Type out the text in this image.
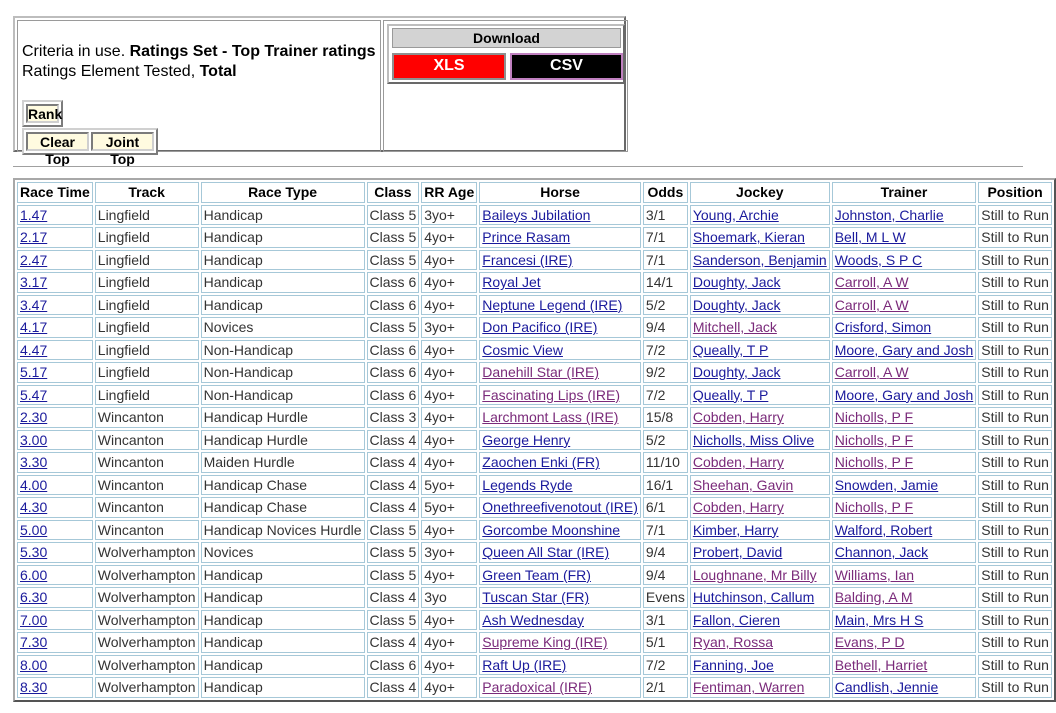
Criteria in use. Ratings Set - Top Trainer ratings
Ratings Element Tested, Total
Rank
Clear TopJoint Top
Download
XLS	CSV
Race Time	Track	Race Type	Class	RR Age	Horse	Odds	Jockey	Trainer	Position
1.47	Lingfield	Handicap	Class 5	3yo+	Baileys Jubilation	3/1	Young, Archie	Johnston, Charlie	Still to Run
2.17	Lingfield	Handicap	Class 5	4yo+	Prince Rasam	7/1	Shoemark, Kieran	Bell, M L W	Still to Run
2.47	Lingfield	Handicap	Class 5	4yo+	Francesi (IRE)	7/1	Sanderson, Benjamin	Woods, S P C	Still to Run
3.17	Lingfield	Handicap	Class 6	4yo+	Royal Jet	14/1	Doughty, Jack	Carroll, A W	Still to Run
3.47	Lingfield	Handicap	Class 6	4yo+	Neptune Legend (IRE)	5/2	Doughty, Jack	Carroll, A W	Still to Run
4.17	Lingfield	Novices	Class 5	3yo+	Don Pacifico (IRE)	9/4	Mitchell, Jack	Crisford, Simon	Still to Run
4.47	Lingfield	Non-Handicap	Class 6	4yo+	Cosmic View	7/2	Queally, T P	Moore, Gary and Josh	Still to Run
5.17	Lingfield	Non-Handicap	Class 6	4yo+	Danehill Star (IRE)	9/2	Doughty, Jack	Carroll, A W	Still to Run
5.47	Lingfield	Non-Handicap	Class 6	4yo+	Fascinating Lips (IRE)	7/2	Queally, T P	Moore, Gary and Josh	Still to Run
2.30	Wincanton	Handicap Hurdle	Class 3	4yo+	Larchmont Lass (IRE)	15/8	Cobden, Harry	Nicholls, P F	Still to Run
3.00	Wincanton	Handicap Hurdle	Class 4	4yo+	George Henry	5/2	Nicholls, Miss Olive	Nicholls, P F	Still to Run
3.30	Wincanton	Maiden Hurdle	Class 4	4yo+	Zaochen Enki (FR)	11/10	Cobden, Harry	Nicholls, P F	Still to Run
4.00	Wincanton	Handicap Chase	Class 4	5yo+	Legends Ryde	16/1	Sheehan, Gavin	Snowden, Jamie	Still to Run
4.30	Wincanton	Handicap Chase	Class 4	5yo+	Onethreefivenotout (IRE)	6/1	Cobden, Harry	Nicholls, P F	Still to Run
5.00	Wincanton	Handicap Novices Hurdle	Class 5	4yo+	Gorcombe Moonshine	7/1	Kimber, Harry	Walford, Robert	Still to Run
5.30	Wolverhampton	Novices	Class 5	3yo+	Queen All Star (IRE)	9/4	Probert, David	Channon, Jack	Still to Run
6.00	Wolverhampton	Handicap	Class 5	4yo+	Green Team (FR)	9/4	Loughnane, Mr Billy	Williams, Ian	Still to Run
6.30	Wolverhampton	Handicap	Class 4	3yo	Tuscan Star (FR)	Evens	Hutchinson, Callum	Balding, A M	Still to Run
7.00	Wolverhampton	Handicap	Class 5	4yo+	Ash Wednesday	3/1	Fallon, Cieren	Main, Mrs H S	Still to Run
7.30	Wolverhampton	Handicap	Class 4	4yo+	Supreme King (IRE)	5/1	Ryan, Rossa	Evans, P D	Still to Run
8.00	Wolverhampton	Handicap	Class 6	4yo+	Raft Up (IRE)	7/2	Fanning, Joe	Bethell, Harriet	Still to Run
8.30	Wolverhampton	Handicap	Class 4	4yo+	Paradoxical (IRE)	2/1	Fentiman, Warren	Candlish, Jennie	Still to Run
